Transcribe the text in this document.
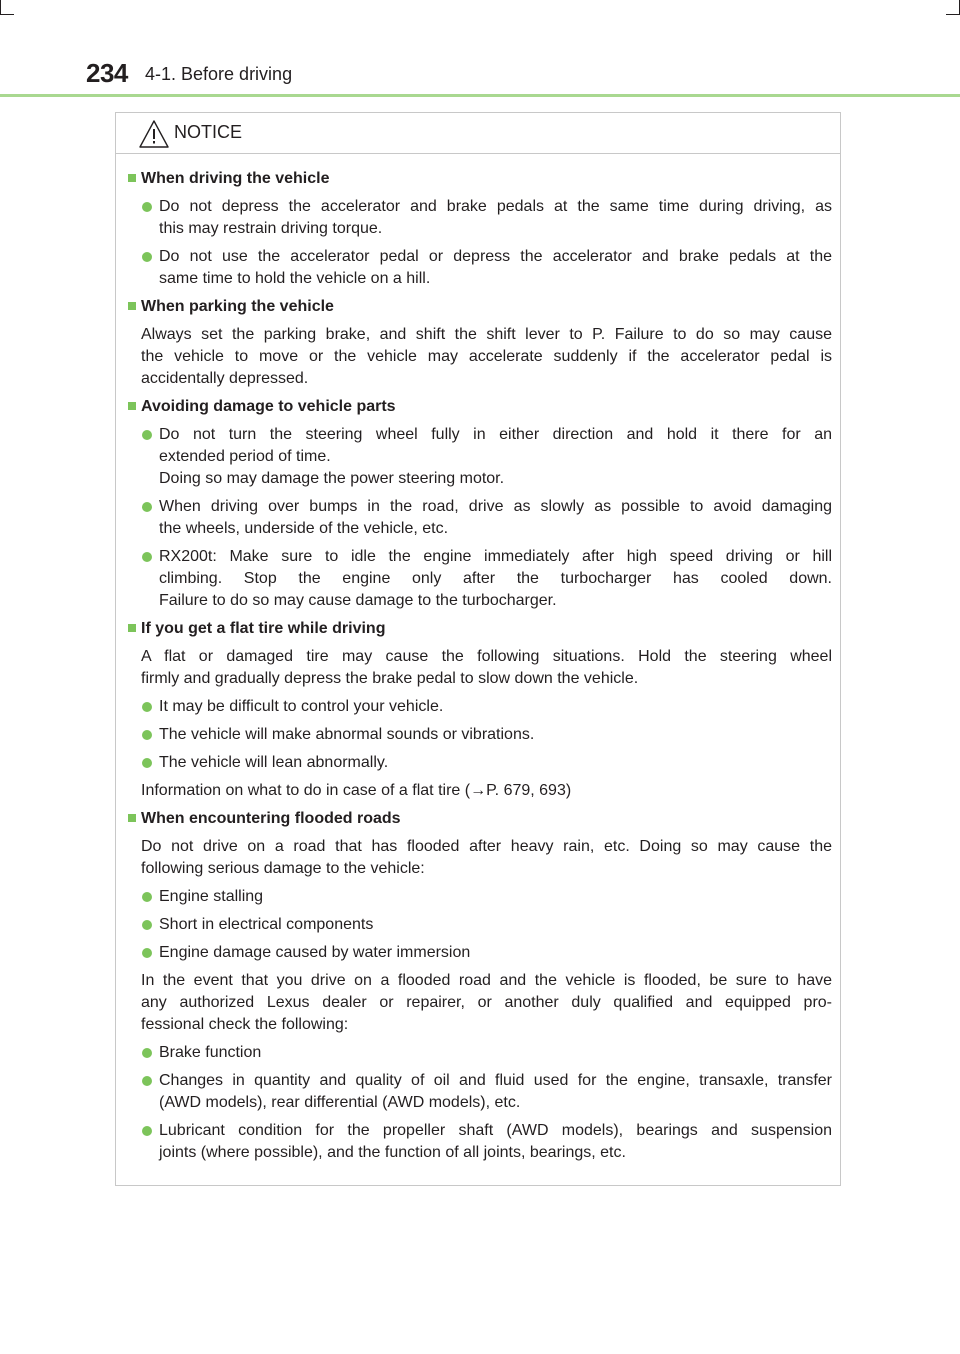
234 4-1. Before driving
NOTICE
When driving the vehicle
Do not depress the accelerator and brake pedals at the same time during driving, as
this may restrain driving torque.
Do not use the accelerator pedal or depress the accelerator and brake pedals at the
same time to hold the vehicle on a hill.
When parking the vehicle
Always set the parking brake, and shift the shift lever to P. Failure to do so may cause
the vehicle to move or the vehicle may accelerate suddenly if the accelerator pedal is
accidentally depressed.
Avoiding damage to vehicle parts
Do not turn the steering wheel fully in either direction and hold it there for an
extended period of time.
Doing so may damage the power steering motor.
When driving over bumps in the road, drive as slowly as possible to avoid damaging
the wheels, underside of the vehicle, etc.
RX200t: Make sure to idle the engine immediately after high speed driving or hill
climbing. Stop the engine only after the turbocharger has cooled down.
Failure to do so may cause damage to the turbocharger.
If you get a flat tire while driving
A flat or damaged tire may cause the following situations. Hold the steering wheel
firmly and gradually depress the brake pedal to slow down the vehicle.
It may be difficult to control your vehicle.
The vehicle will make abnormal sounds or vibrations.
The vehicle will lean abnormally.
Information on what to do in case of a flat tire (→P. 679, 693)
When encountering flooded roads
Do not drive on a road that has flooded after heavy rain, etc. Doing so may cause the
following serious damage to the vehicle:
Engine stalling
Short in electrical components
Engine damage caused by water immersion
In the event that you drive on a flooded road and the vehicle is flooded, be sure to have
any authorized Lexus dealer or repairer, or another duly qualified and equipped pro-
fessional check the following:
Brake function
Changes in quantity and quality of oil and fluid used for the engine, transaxle, transfer
(AWD models), rear differential (AWD models), etc.
Lubricant condition for the propeller shaft (AWD models), bearings and suspension
joints (where possible), and the function of all joints, bearings, etc.
